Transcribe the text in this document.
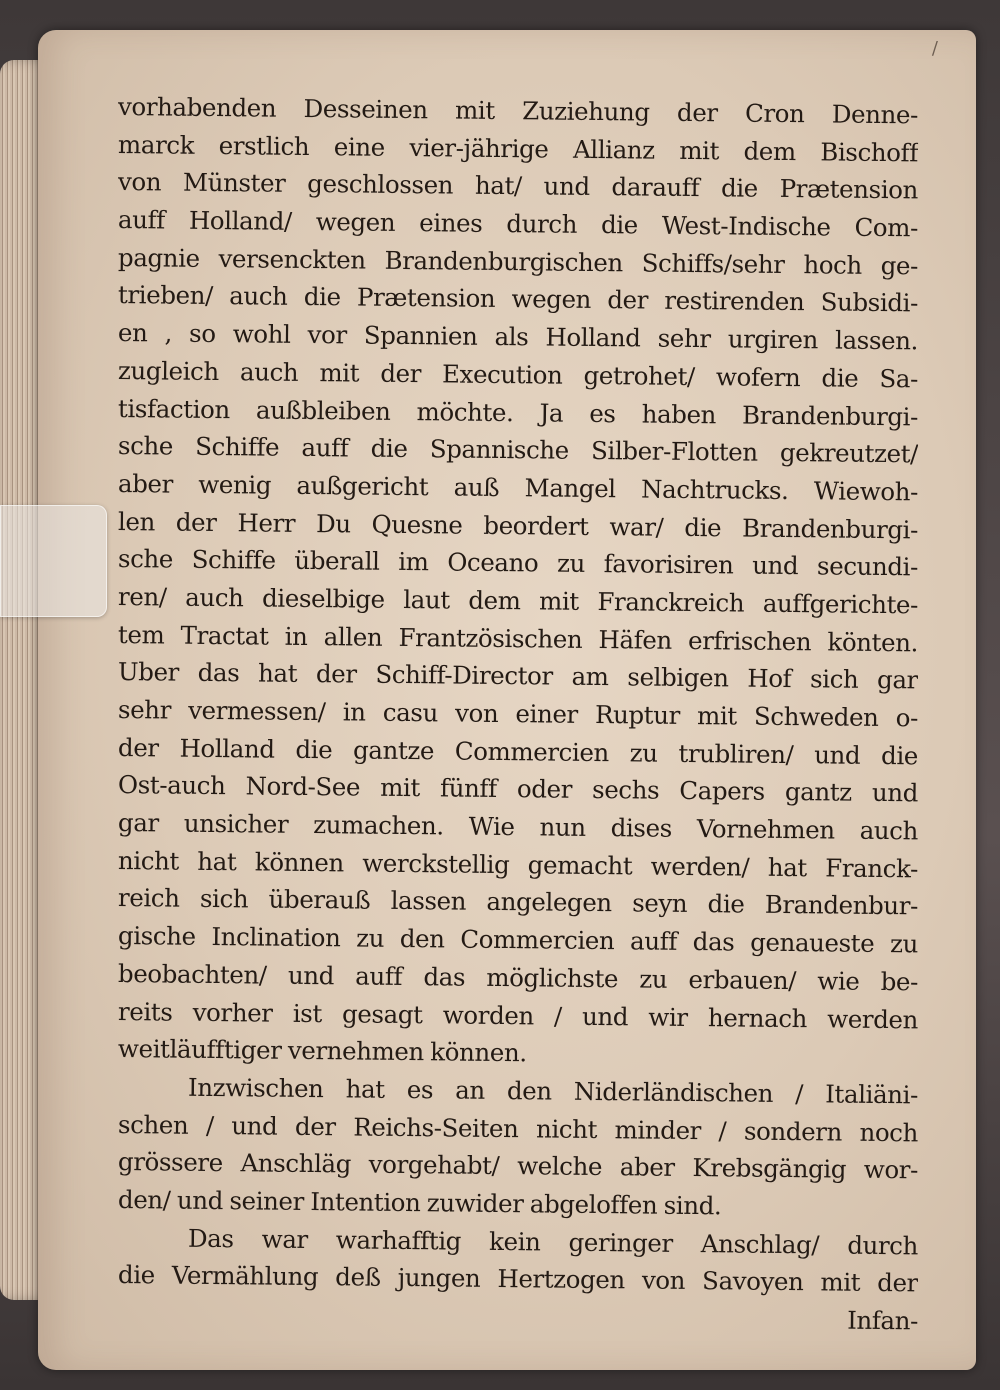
/
vorhabenden Desseinen mit Zuziehung der Cron Denne-
marck erstlich eine vier-jährige Allianz mit dem Bischoff
von Münster geschlossen hat/ und darauff die Prætension
auff Holland/ wegen eines durch die West-Indische Com-
pagnie versenckten Brandenburgischen Schiffs/sehr hoch ge-
trieben/ auch die Prætension wegen der restirenden Subsidi-
en , so wohl vor Spannien als Holland sehr urgiren lassen.
zugleich auch mit der Execution getrohet/ wofern die Sa-
tisfaction außbleiben möchte. Ja es haben Brandenburgi-
sche Schiffe auff die Spannische Silber-Flotten gekreutzet/
aber wenig außgericht auß Mangel Nachtrucks. Wiewoh-
len der Herr Du Quesne beordert war/ die Brandenburgi-
sche Schiffe überall im Oceano zu favorisiren und secundi-
ren/ auch dieselbige laut dem mit Franckreich auffgerichte-
tem Tractat in allen Frantzösischen Häfen erfrischen könten.
Uber das hat der Schiff-Director am selbigen Hof sich gar
sehr vermessen/ in casu von einer Ruptur mit Schweden o-
der Holland die gantze Commercien zu trubliren/ und die
Ost-auch Nord-See mit fünff oder sechs Capers gantz und
gar unsicher zumachen. Wie nun dises Vornehmen auch
nicht hat können werckstellig gemacht werden/ hat Franck-
reich sich überauß lassen angelegen seyn die Brandenbur-
gische Inclination zu den Commercien auff das genaueste zu
beobachten/ und auff das möglichste zu erbauen/ wie be-
reits vorher ist gesagt worden / und wir hernach werden
weitläufftiger vernehmen können.
Inzwischen hat es an den Niderländischen / Italiäni-
schen / und der Reichs-Seiten nicht minder / sondern noch
grössere Anschläg vorgehabt/ welche aber Krebsgängig wor-
den/ und seiner Intention zuwider abgeloffen sind.
Das war warhafftig kein geringer Anschlag/ durch
die Vermählung deß jungen Hertzogen von Savoyen mit der
Infan-
